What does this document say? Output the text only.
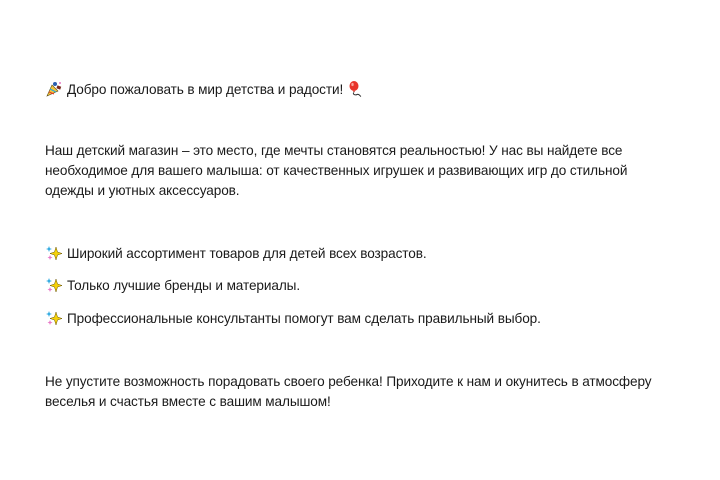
Добро пожаловать в мир детства и радости!
Наш детский магазин – это место, где мечты становятся реальностью! У нас вы найдете все
необходимое для вашего малыша: от качественных игрушек и развивающих игр до стильной
одежды и уютных аксессуаров.
Широкий ассортимент товаров для детей всех возрастов.
Только лучшие бренды и материалы.
Профессиональные консультанты помогут вам сделать правильный выбор.
Не упустите возможность порадовать своего ребенка! Приходите к нам и окунитесь в атмосферу
веселья и счастья вместе с вашим малышом!
